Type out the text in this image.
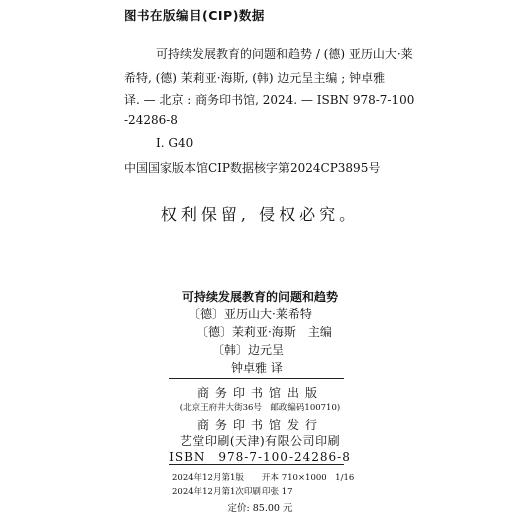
图书在版编目(CIP)数据
可持续发展教育的问题和趋势 / (德) 亚历山大·莱
希特, (德) 茉莉亚·海斯, (韩) 边元呈主编 ; 钟卓雅
译. — 北京 : 商务印书馆, 2024. — ISBN 978-7-100
-24286-8
Ⅰ. G40
中国国家版本馆CIP数据核字第2024CP3895号
权利保留, 侵权必究。
可持续发展教育的问题和趋势
〔德〕亚历山大·莱希特
〔德〕茉莉亚·海斯　主编
〔韩〕边元呈
钟卓雅 译
商务印书馆出版
(北京王府井大街36号　邮政编码100710)
商务印书馆发行
艺堂印刷(天津)有限公司印刷
ISBN　978-7-100-24286-8
2024年12月第1版 开本 710×1000　1/16
2024年12月第1次印刷 印张 17
定价: 85.00 元
